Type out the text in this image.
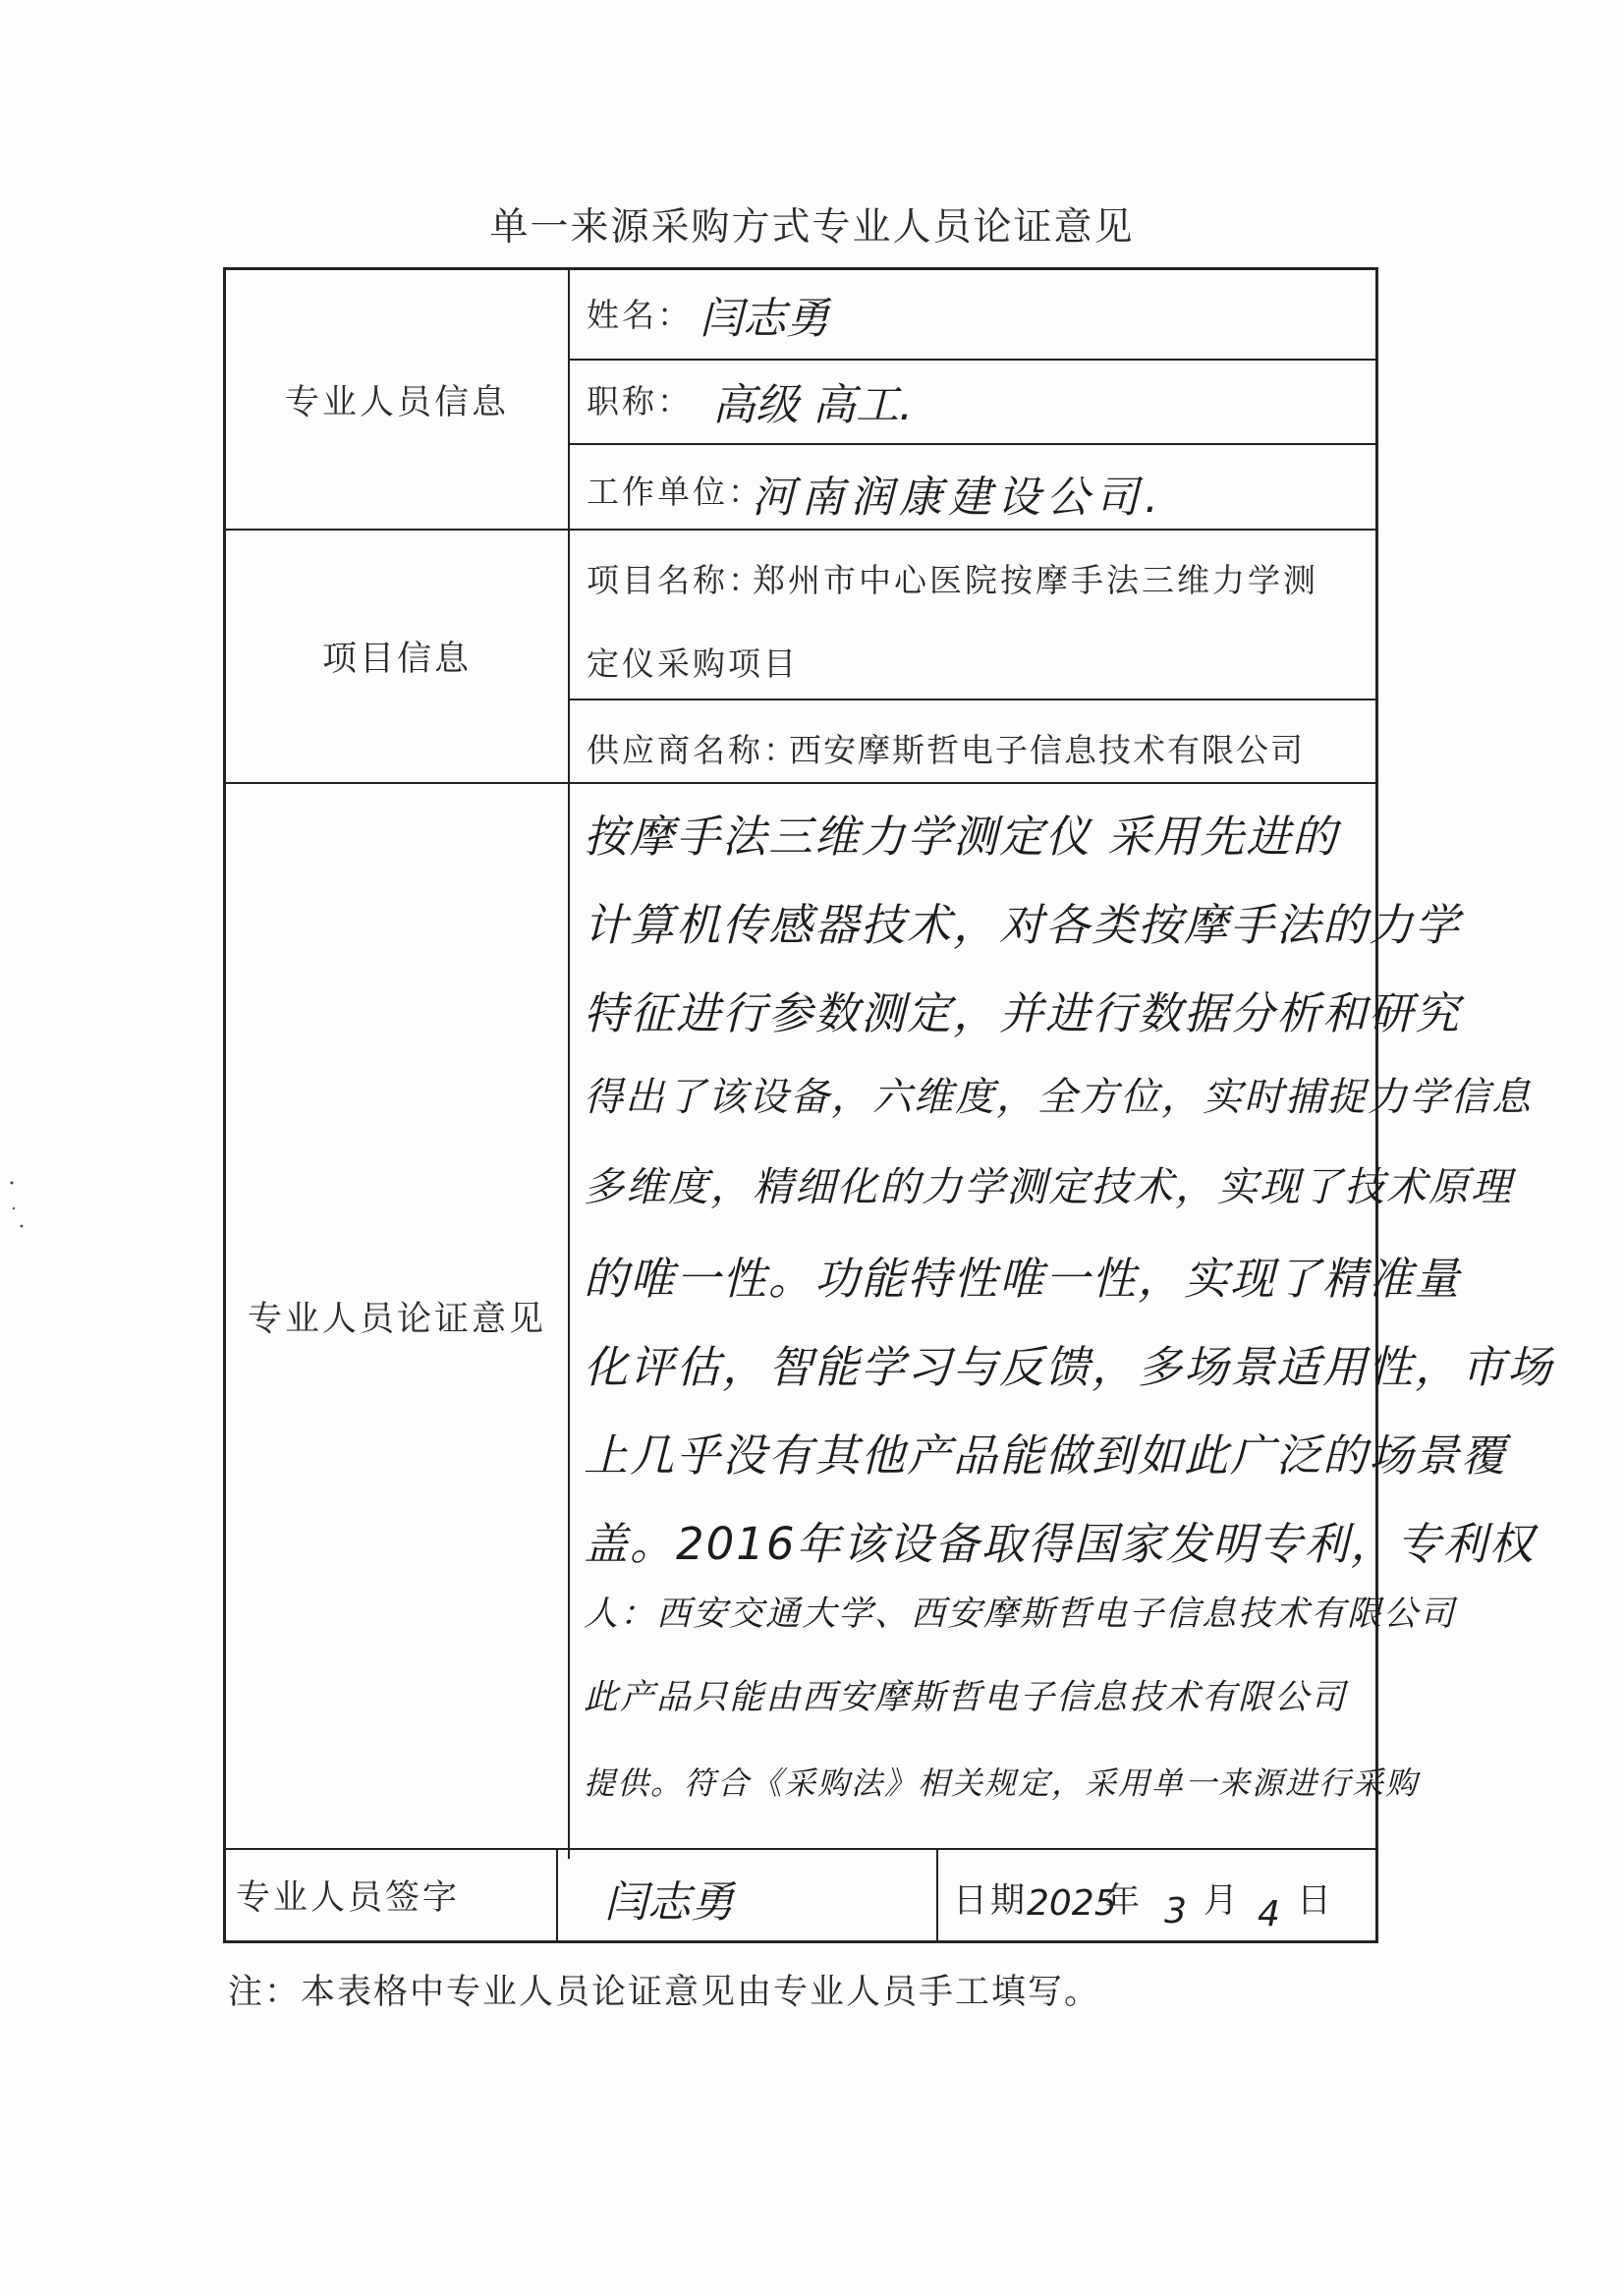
单一来源采购方式专业人员论证意见
专业人员信息
项目信息
专业人员论证意见
专业人员签字
姓名： 闫志勇
职称： 高级 高工.
工作单位：
河南润康建设公司.
项目名称：
郑州市中心医院按摩手法三维力学测
定仪采购项目
供应商名称：
西安摩斯哲电子信息技术有限公司
按摩手法三维力学测定仪 采用先进的
计算机传感器技术，对各类按摩手法的力学
特征进行参数测定，并进行数据分析和研究
得出了该设备，六维度，全方位，实时捕捉力学信息
多维度，精细化的力学测定技术，实现了技术原理
的唯一性。功能特性唯一性，实现了精准量
化评估，智能学习与反馈，多场景适用性，市场
上几乎没有其他产品能做到如此广泛的场景覆
盖。2016年该设备取得国家发明专利，专利权
人：西安交通大学、西安摩斯哲电子信息技术有限公司
此产品只能由西安摩斯哲电子信息技术有限公司
提供。符合《采购法》相关规定，采用单一来源进行采购
闫志勇	日期
2025
年 3 月 4 日
注：本表格中专业人员论证意见由专业人员手工填写。
